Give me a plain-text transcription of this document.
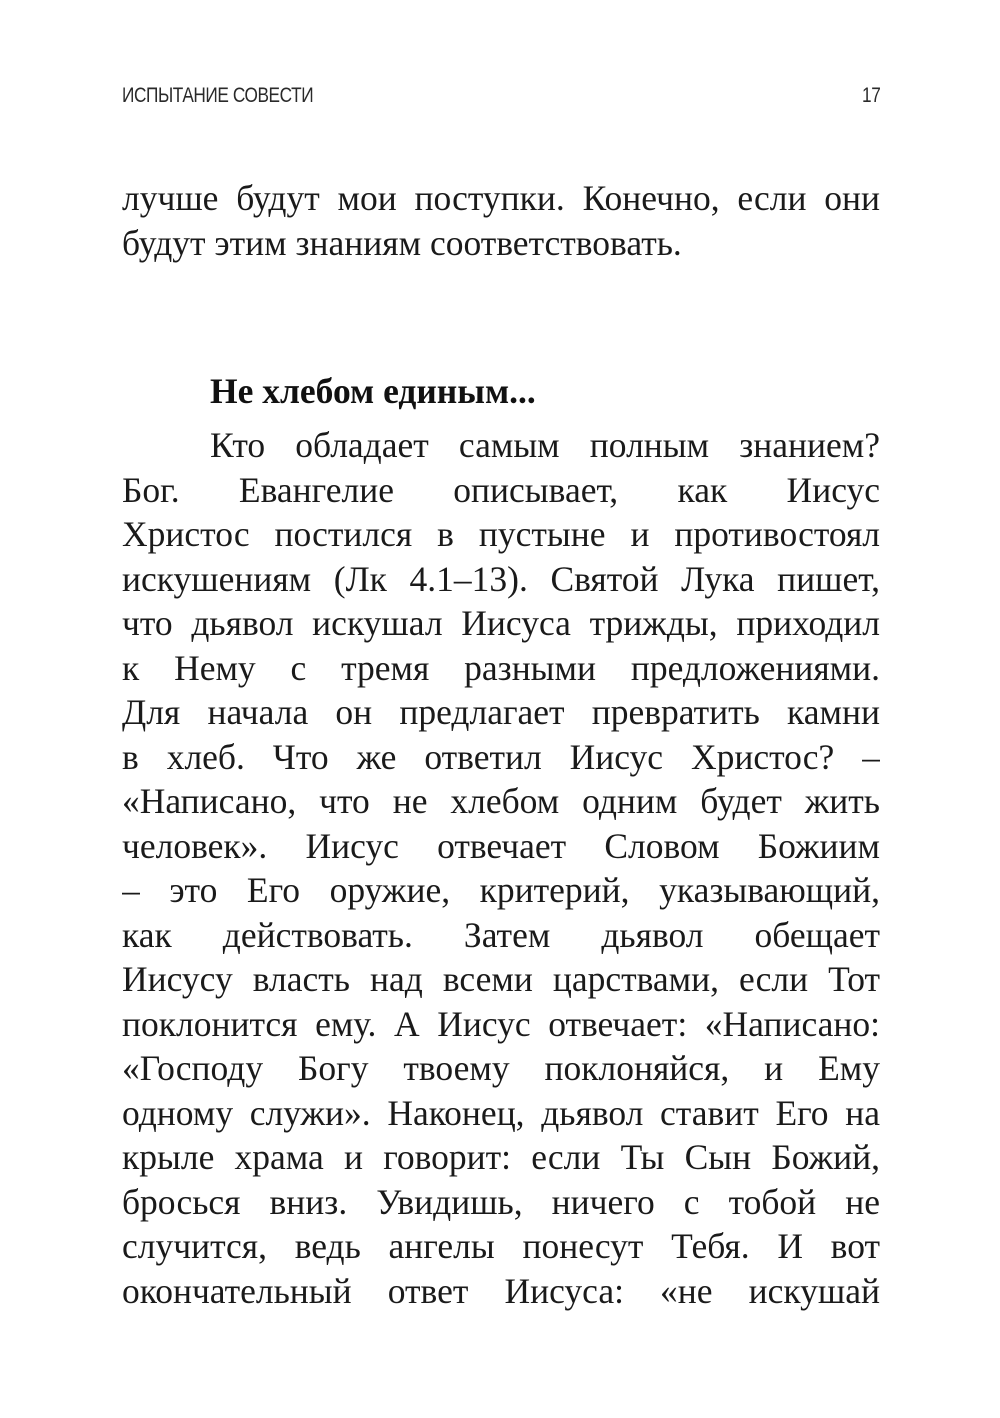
ИСПЫТАНИЕ СОВЕСТИ	17
лучше будут мои поступки. Конечно, если они
будут этим знаниям соответствовать.
Не хлебом единым...
Кто обладает самым полным знанием?
Бог. Евангелие описывает, как Иисус
Христос постился в пустыне и противостоял
искушениям (Лк 4.1–13). Святой Лука пишет,
что дьявол искушал Иисуса трижды, приходил
к Нему с тремя разными предложениями.
Для начала он предлагает превратить камни
в хлеб. Что же ответил Иисус Христос? –
«Написано, что не хлебом одним будет жить
человек». Иисус отвечает Словом Божиим
– это Его оружие, критерий, указывающий,
как действовать. Затем дьявол обещает
Иисусу власть над всеми царствами, если Тот
поклонится ему. А Иисус отвечает: «Написано:
«Господу Богу твоему поклоняйся, и Ему
одному служи». Наконец, дьявол ставит Его на
крыле храма и говорит: если Ты Сын Божий,
бросься вниз. Увидишь, ничего с тобой не
случится, ведь ангелы понесут Тебя. И вот
окончательный ответ Иисуса: «не искушай
